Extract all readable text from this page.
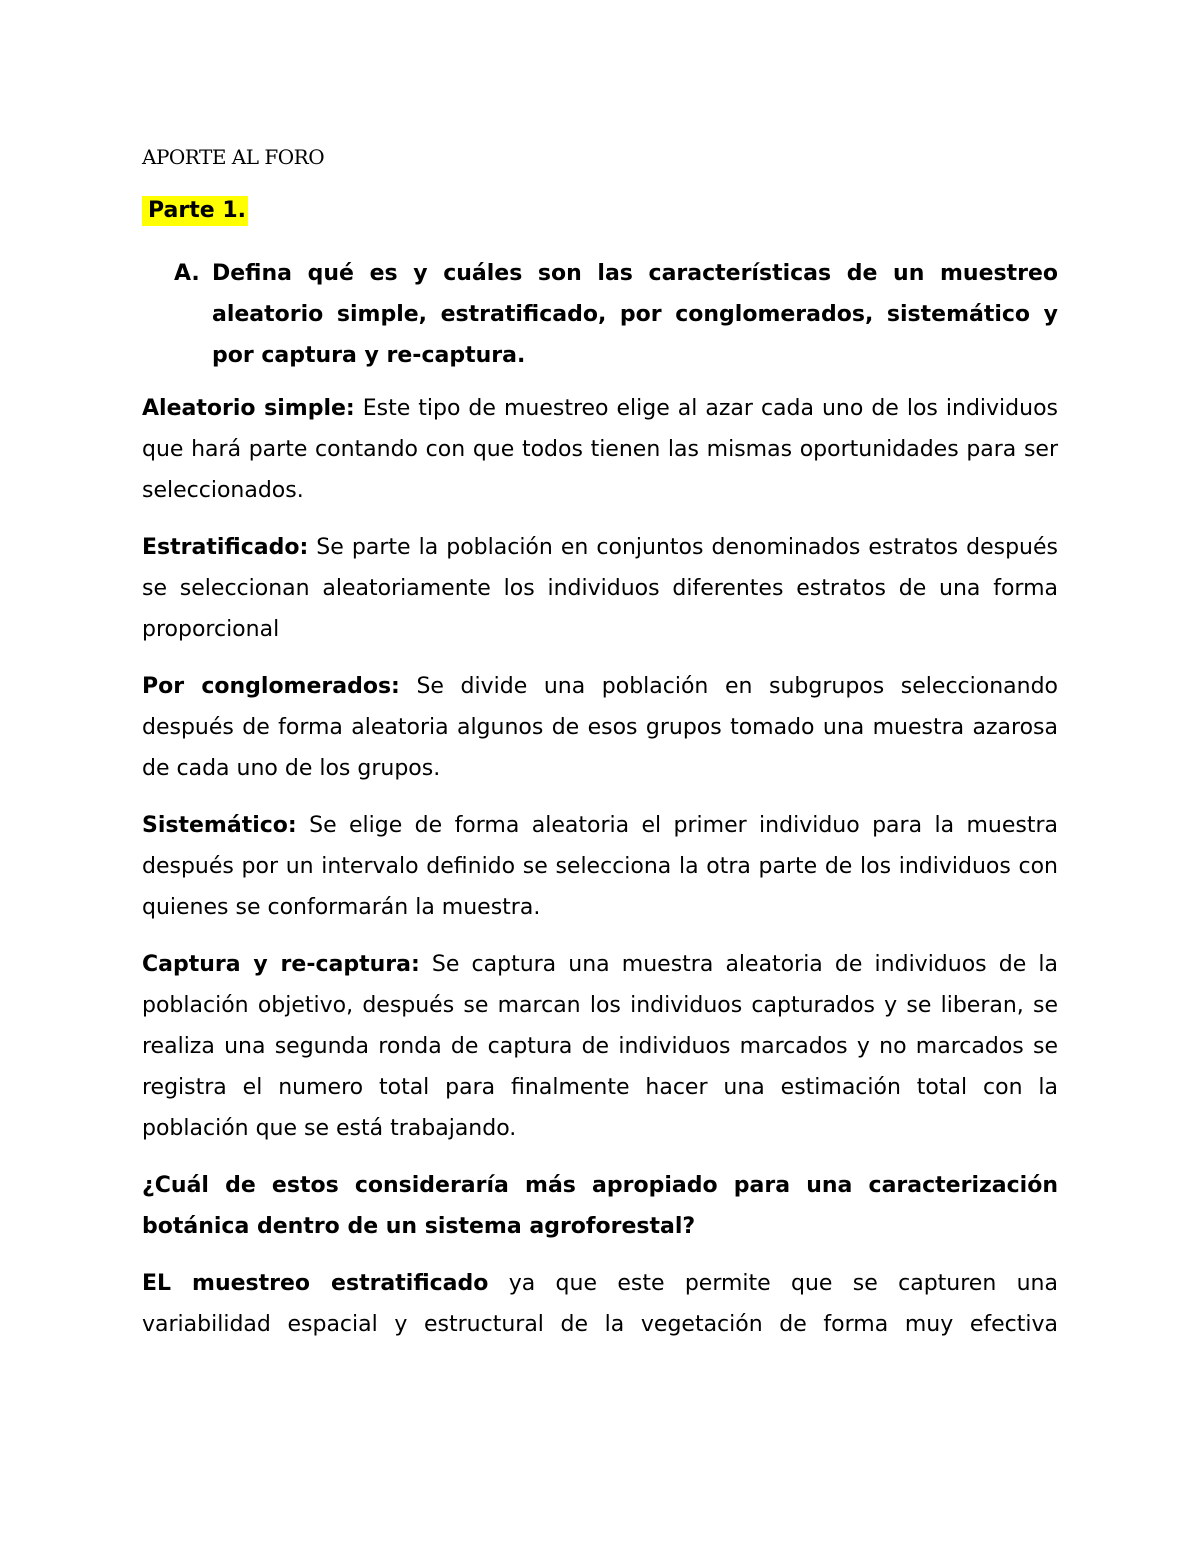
APORTE AL FORO
Parte 1.
A. Defina qué es y cuáles son las características de un muestreo aleatorio simple, estratificado, por conglomerados, sistemático y por captura y re-captura.
Aleatorio simple: Este tipo de muestreo elige al azar cada uno de los individuos que hará parte contando con que todos tienen las mismas oportunidades para ser seleccionados.
Estratificado: Se parte la población en conjuntos denominados estratos después se seleccionan aleatoriamente los individuos diferentes estratos de una forma proporcional
Por conglomerados: Se divide una población en subgrupos seleccionando después de forma aleatoria algunos de esos grupos tomado una muestra azarosa de cada uno de los grupos.
Sistemático: Se elige de forma aleatoria el primer individuo para la muestra después por un intervalo definido se selecciona la otra parte de los individuos con quienes se conformarán la muestra.
Captura y re-captura: Se captura una muestra aleatoria de individuos de la población objetivo, después se marcan los individuos capturados y se liberan, se realiza una segunda ronda de captura de individuos marcados y no marcados se registra el numero total para finalmente hacer una estimación total con la población que se está trabajando.
¿Cuál de estos consideraría más apropiado para una caracterización botánica dentro de un sistema agroforestal?
EL muestreo estratificado ya que este permite que se capturen una variabilidad espacial y estructural de la vegetación de forma muy efectiva
